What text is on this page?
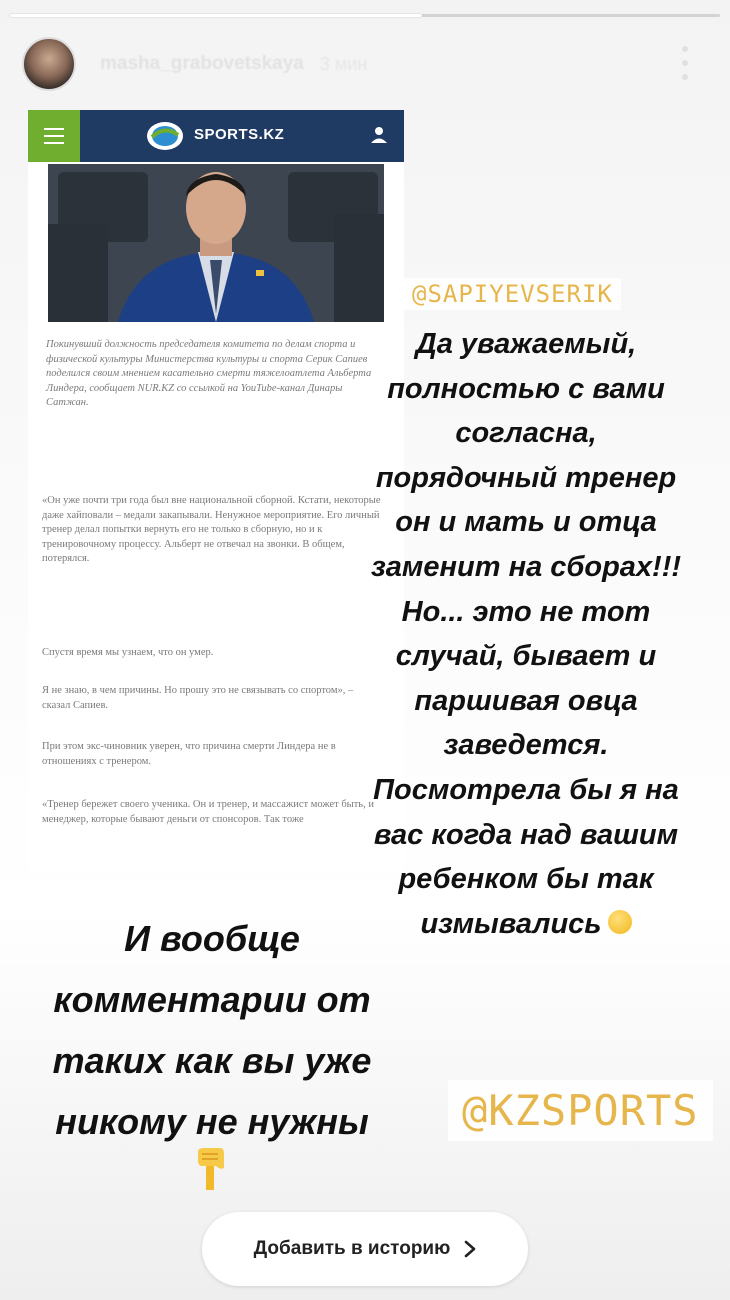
masha_grabovetskaya 3 мин
SPORTS.KZ
Покинувший должность председателя комитета по делам спорта и физической культуры Министерства культуры и спорта Серик Сапиев поделился своим мнением касательно смерти тяжелоатлета Альберта Линдера, сообщает NUR.KZ со ссылкой на YouTube-канал Динары Сатжан.
«Он уже почти три года был вне национальной сборной. Кстати, некоторые даже хайповали – медали закапывали. Ненужное мероприятие. Его личный тренер делал попытки вернуть его не только в сборную, но и к тренировочному процессу. Альберт не отвечал на звонки. В общем, потерялся.
Спустя время мы узнаем, что он умер.
Я не знаю, в чем причины. Но прошу это не связывать со спортом», – сказал Сапиев.
При этом экс-чиновник уверен, что причина смерти Линдера не в отношениях с тренером.
«Тренер бережет своего ученика. Он и тренер, и массажист может быть, и менеджер, которые бывают деньги от спонсоров. Так тоже
@SAPIYEVSERIK
Да уважаемый,
полностью с вами
согласна,
порядочный тренер
он и мать и отца
заменит на сборах!!!
Но... это не тот
случай, бывает и
паршивая овца
заведется.
Посмотрела бы я на
вас когда над вашим
ребенком бы так
измывались
И вообще
комментарии от
таких как вы уже
никому не нужны	@KZSPORTS
Добавить в историю
